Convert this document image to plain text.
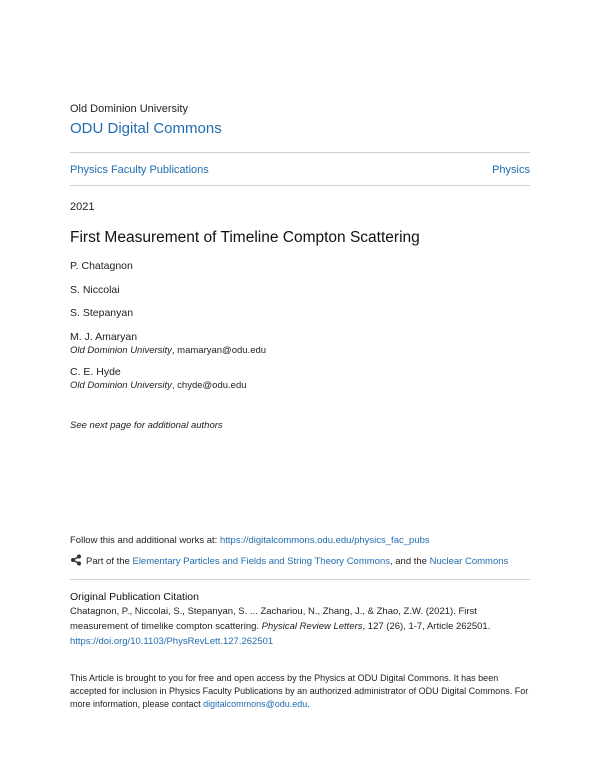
Old Dominion University
ODU Digital Commons
Physics Faculty Publications	Physics
2021
First Measurement of Timeline Compton Scattering
P. Chatagnon
S. Niccolai
S. Stepanyan
M. J. Amaryan
Old Dominion University, mamaryan@odu.edu
C. E. Hyde
Old Dominion University, chyde@odu.edu
See next page for additional authors
Follow this and additional works at: https://digitalcommons.odu.edu/physics_fac_pubs
Part of the Elementary Particles and Fields and String Theory Commons, and the Nuclear Commons
Original Publication Citation
Chatagnon, P., Niccolai, S., Stepanyan, S. ... Zachariou, N., Zhang, J., & Zhao, Z.W. (2021). First
measurement of timelike compton scattering. Physical Review Letters, 127 (26), 1-7, Article 262501.
https://doi.org/10.1103/PhysRevLett.127.262501
This Article is brought to you for free and open access by the Physics at ODU Digital Commons. It has been
accepted for inclusion in Physics Faculty Publications by an authorized administrator of ODU Digital Commons. For
more information, please contact digitalcommons@odu.edu.
